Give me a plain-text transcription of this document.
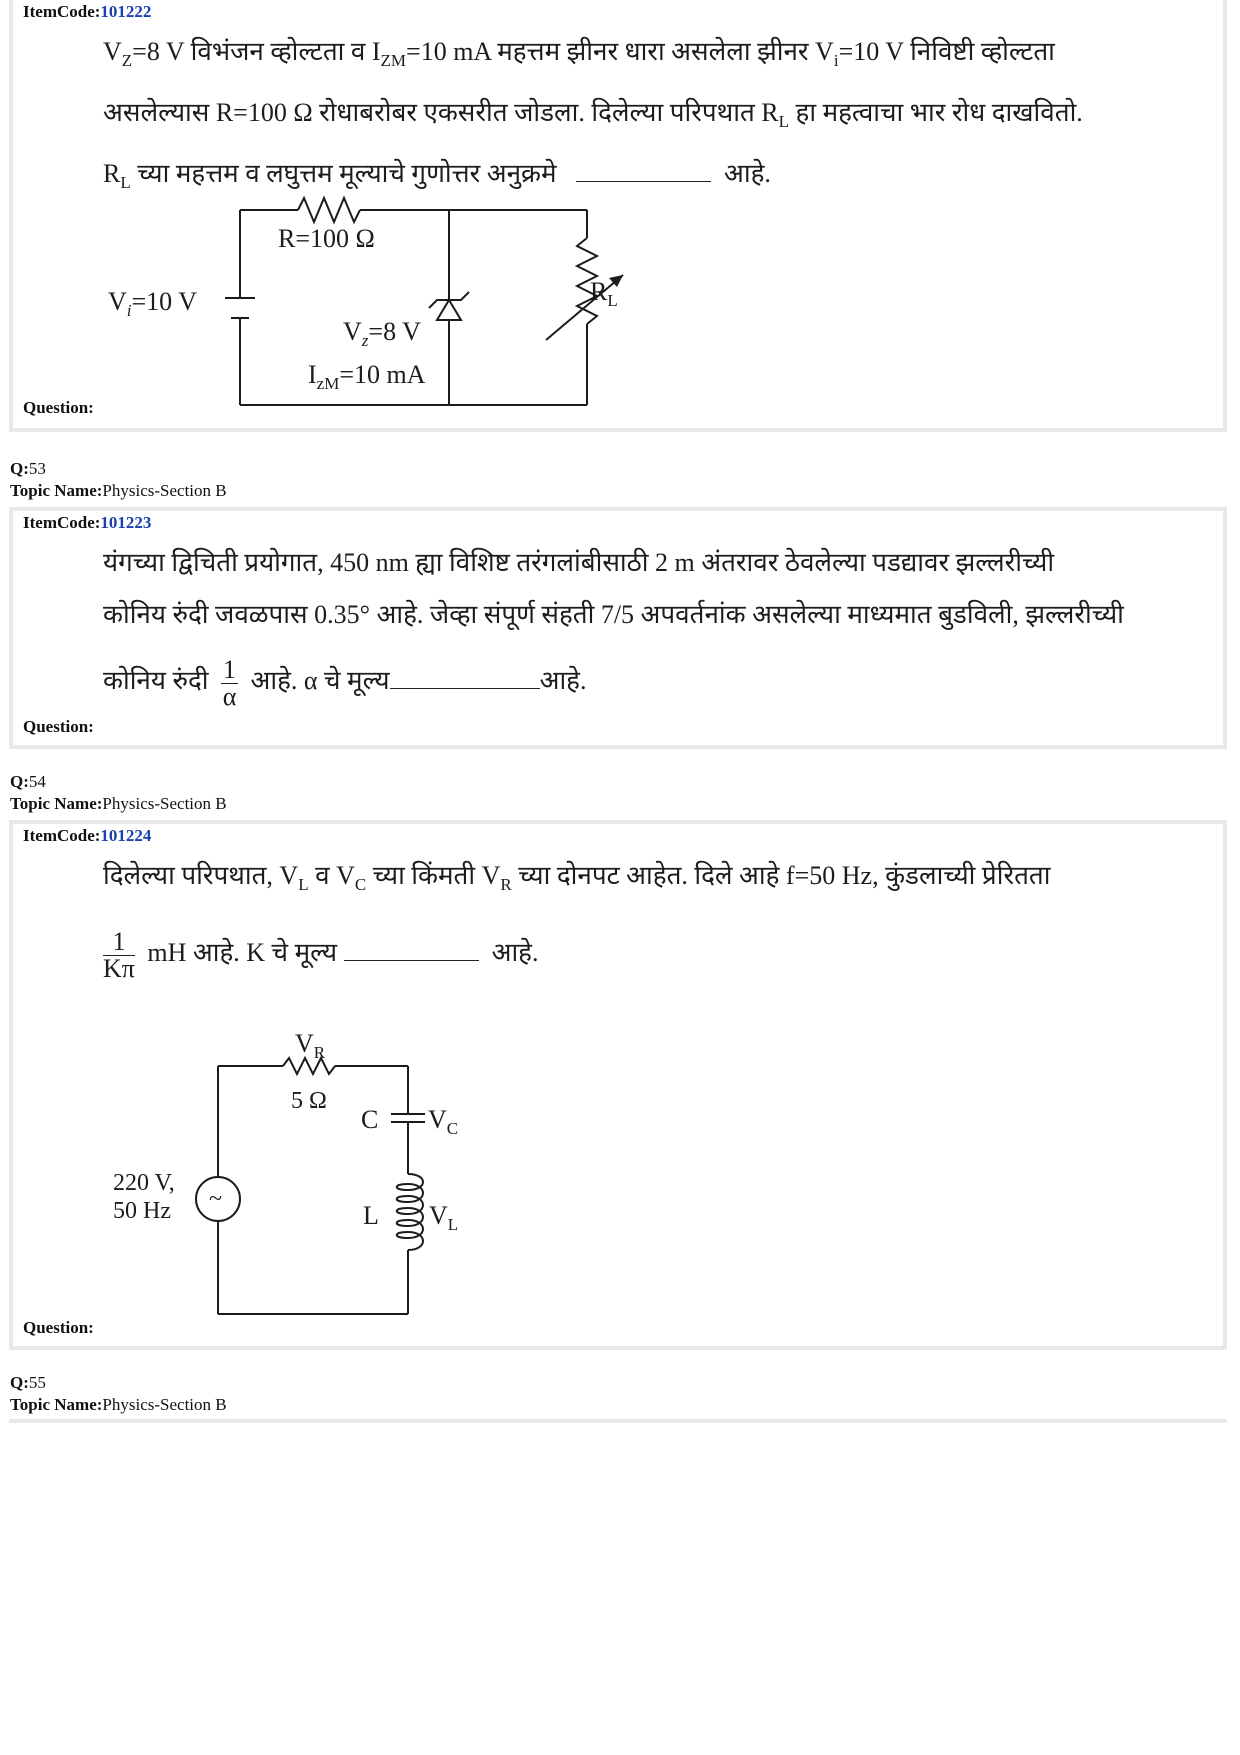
ItemCode:101222
$V_Z=8$ V विभंजन व्होल्टता व $I_{ZM}=10$ mA महत्तम झीनर धारा असलेला झीनर $V_i=10$ V निविष्टी व्होल्टता
असलेल्यास R=100 Ω रोधाबरोबर एकसरीत जोडला. दिलेल्या परिपथात $R_L$ हा महत्वाचा भार रोध दाखवितो.
$R_L$ च्या महत्तम व लघुत्तम मूल्याचे गुणोत्तर अनुक्रमे	आहे.
R=100 Ω
$V_i=10$ V
$V_z=8$ V
$I_{zM}=10$ mA
$R_L$
Question:
Q:53
Topic Name:Physics-Section B
ItemCode:101223
यंगच्या द्विचिती प्रयोगात, 450 nm ह्या विशिष्ट तरंगलांबीसाठी 2 m अंतरावर ठेवलेल्या पडद्यावर झल्लरीच्यी
कोनिय रुंदी जवळपास 0.35° आहे. जेव्हा संपूर्ण संहती 7/5 अपवर्तनांक असलेल्या माध्यमात बुडविली, झल्लरीच्यी
कोनिय रुंदी $\frac{1}{\alpha}$ आहे. α चे मूल्य	आहे.
Question:
Q:54
Topic Name:Physics-Section B
ItemCode:101224
दिलेल्या परिपथात, $V_L$ व $V_C$ च्या किंमती $V_R$ च्या दोनपट आहेत. दिले आहे f=50 Hz, कुंडलाच्यी प्रेरितता
$\frac{1}{K\pi}$ mH आहे. K चे मूल्य	आहे.
$V_R$
5 Ω
C $V_C$
220 V,
50 Hz ~
L $V_L$
Question:
Q:55
Topic Name:Physics-Section B
